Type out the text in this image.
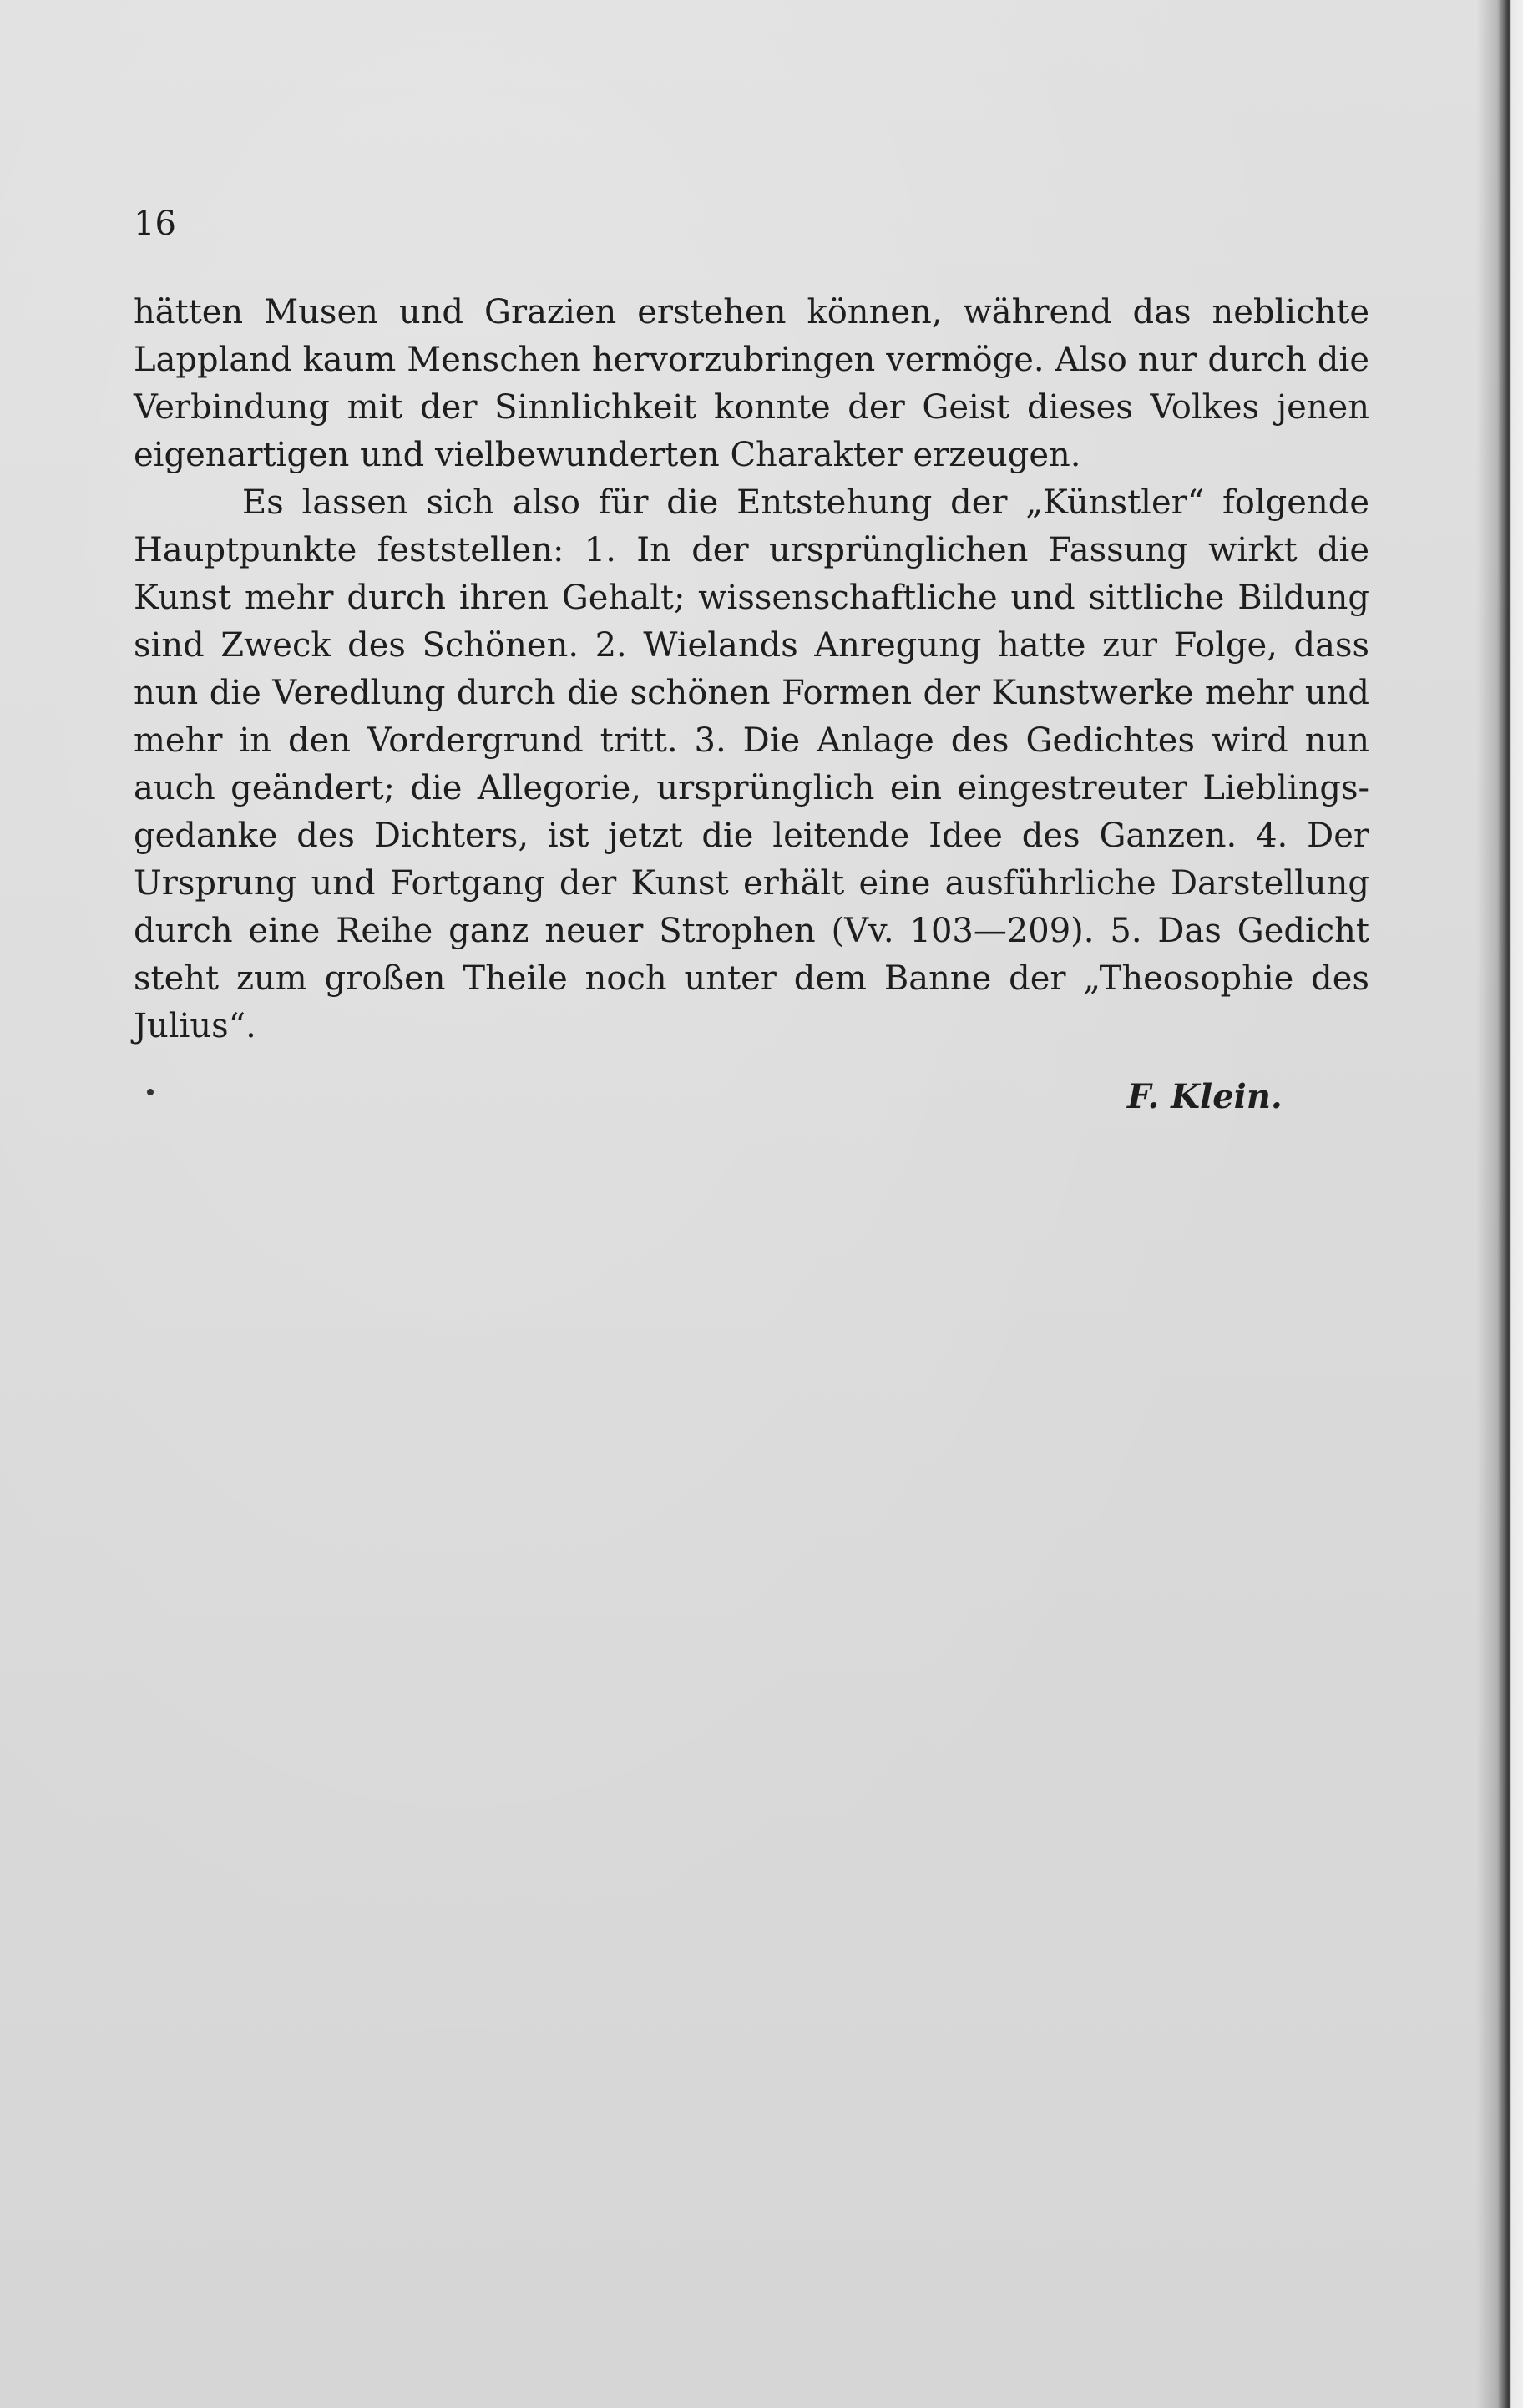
16
hätten Musen und Grazien erstehen können, während das neblichte
Lappland kaum Menschen hervorzubringen vermöge. Also nur durch die
Verbindung mit der Sinnlichkeit konnte der Geist dieses Volkes jenen
eigenartigen und vielbewunderten Charakter erzeugen.
Es lassen sich also für die Entstehung der „Künstler“ folgende
Hauptpunkte feststellen: 1. In der ursprünglichen Fassung wirkt die
Kunst mehr durch ihren Gehalt; wissenschaftliche und sittliche Bildung
sind Zweck des Schönen. 2. Wielands Anregung hatte zur Folge, dass
nun die Veredlung durch die schönen Formen der Kunstwerke mehr und
mehr in den Vordergrund tritt. 3. Die Anlage des Gedichtes wird nun
auch geändert; die Allegorie, ursprünglich ein eingestreuter Lieblings-
gedanke des Dichters, ist jetzt die leitende Idee des Ganzen. 4. Der
Ursprung und Fortgang der Kunst erhält eine ausführliche Darstellung
durch eine Reihe ganz neuer Strophen (Vv. 103—209). 5. Das Gedicht
steht zum großen Theile noch unter dem Banne der „Theosophie des
Julius“.
F. Klein.
